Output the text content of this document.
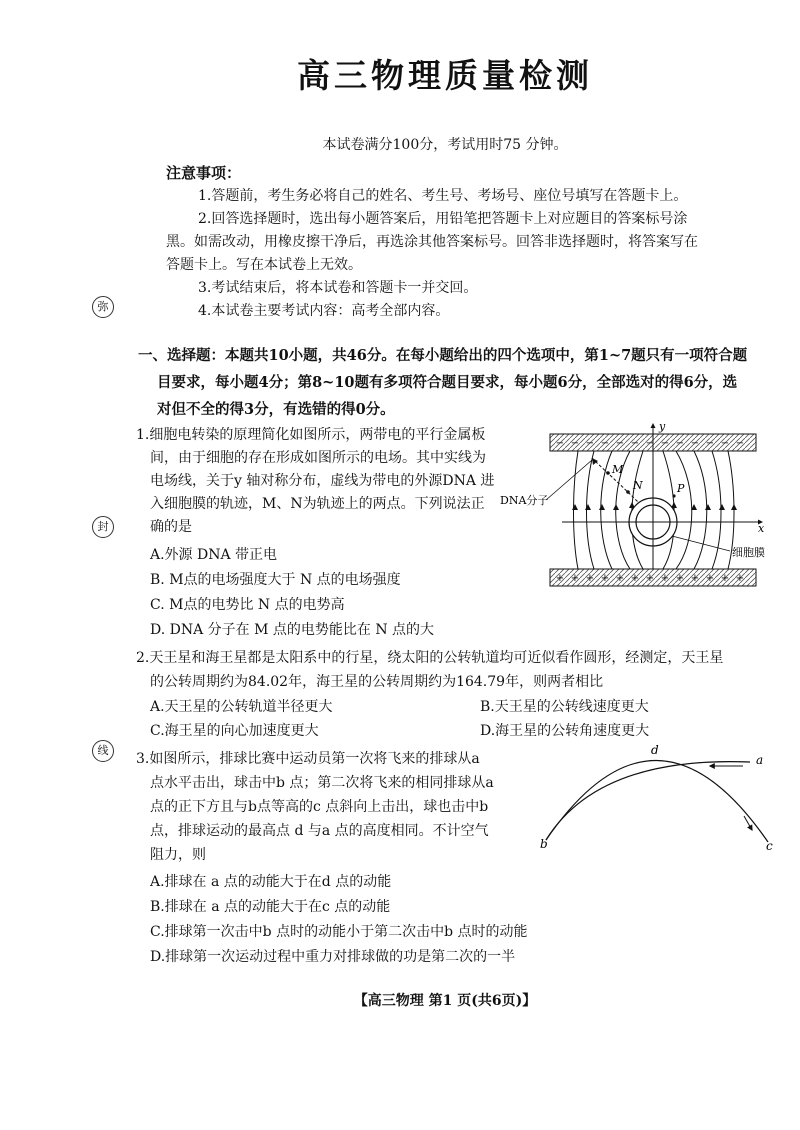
高三物理质量检测
本试卷满分100分，考试用时75 分钟。
注意事项：
1.答题前，考生务必将自己的姓名、考生号、考场号、座位号填写在答题卡上。
2.回答选择题时，选出每小题答案后，用铅笔把答题卡上对应题目的答案标号涂
黑。如需改动，用橡皮擦干净后，再选涂其他答案标号。回答非选择题时，将答案写在
答题卡上。写在本试卷上无效。
3.考试结束后，将本试卷和答题卡一并交回。
4.本试卷主要考试内容：高考全部内容。
弥
封
线
一、选择题：本题共10小题，共46分。在每小题给出的四个选项中，第1~7题只有一项符合题
目要求，每小题4分；第8~10题有多项符合题目要求，每小题6分，全部选对的得6分，选
对但不全的得3分，有选错的得0分。
1.细胞电转染的原理简化如图所示，两带电的平行金属板
间，由于细胞的存在形成如图所示的电场。其中实线为
电场线，关于y 轴对称分布，虚线为带电的外源DNA 进
入细胞膜的轨迹，M、N为轨迹上的两点。下列说法正
确的是
A.外源 DNA 带正电
B. M点的电场强度大于 N 点的电场强度
C. M点的电势比 N 点的电势高
D. DNA 分子在 M 点的电势能比在 N 点的大
− − − − − − − − − − − − −
+ + + + + + + + + + + + +
y
x
M
N	P
DNA分子
细胞膜
2.天王星和海王星都是太阳系中的行星，绕太阳的公转轨道均可近似看作圆形，经测定，天王星
的公转周期约为84.02年，海王星的公转周期约为164.79年，则两者相比
A.天王星的公转轨道半径更大	B.天王星的公转线速度更大
C.海王星的向心加速度更大	D.海王星的公转角速度更大
3.如图所示，排球比赛中运动员第一次将飞来的排球从a
点水平击出，球击中b 点；第二次将飞来的相同排球从a
点的正下方且与b点等高的c 点斜向上击出，球也击中b
点，排球运动的最高点 d 与a 点的高度相同。不计空气
阻力，则
A.排球在 a 点的动能大于在d 点的动能
B.排球在 a 点的动能大于在c 点的动能
C.排球第一次击中b 点时的动能小于第二次击中b 点时的动能
D.排球第一次运动过程中重力对排球做的功是第二次的一半
d
a
b	c
【高三物理 第1 页(共6页)】
